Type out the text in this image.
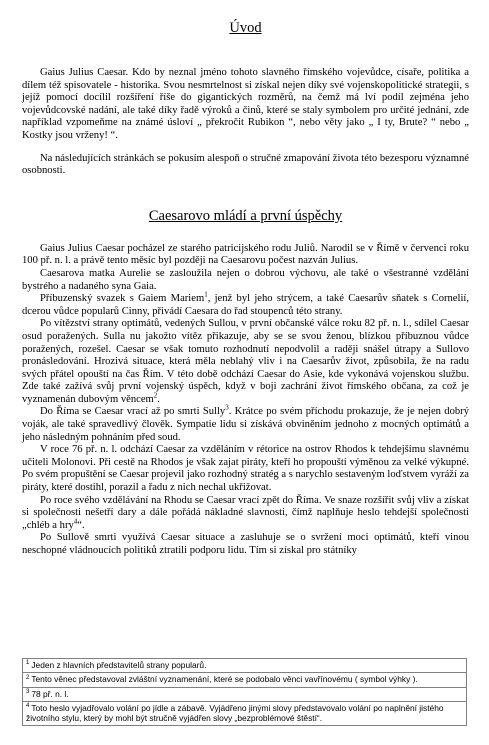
Úvod

Gaius Julius Caesar. Kdo by neznal jméno tohoto slavného římského vojevůdce, císaře, politika a dílem též spisovatele - historika. Svou nesmrtelnost si získal nejen díky své vojenskopolitické strategii, s jejíž pomocí docílil rozšíření říše do gigantických rozměrů, na čemž má lví podíl zejména jeho vojevůdcovské nadání, ale také díky řadě výroků a činů, které se staly symbolem pro určité jednání, zde například vzpomeňme na známé úsloví „ překročit Rubikon “, nebo věty jako „ I ty, Brute? “ nebo „ Kostky jsou vrženy! “.

Na následujících stránkách se pokusím alespoň o stručné zmapování života této bezesporu významné osobnosti.

Caesarovo mládí a první úspěchy

Gaius Julius Caesar pocházel ze starého patricijského rodu Juliů. Narodil se v Římě v červenci roku 100 př. n. l. a právě tento měsíc byl později na Caesarovu počest nazván Julius.

Caesarova matka Aurelie se zasloužila nejen o dobrou výchovu, ale také o všestranné vzdělání bystrého a nadaného syna Gaia.

Příbuzenský svazek s Gaiem Mariem$^1$, jenž byl jeho strýcem, a také Caesarův sňatek s Cornelií, dcerou vůdce popularů Cinny, přivádí Caesara do řad stoupenců této strany.

Po vítězství strany optimátů, vedených Sullou, v první občanské válce roku 82 př. n. l., sdílel Caesar osud poražených. Sulla nu jakožto vítěz přikazuje, aby se se svou ženou, blízkou příbuznou vůdce poražených, rozešel. Caesar se však tomuto rozhodnutí nepodvolil a raději snášel útrapy a Sullovo pronásledování. Hrozivá situace, která měla neblahý vliv i na Caesarův život, způsobila, že na radu svých přátel opouští na čas Řím. V této době odchází Caesar do Asie, kde vykonává vojenskou službu. Zde také zažívá svůj první vojenský úspěch, když v boji zachrání život římského občana, za což je vyznamenán dubovým věncem$^2$.

Do Říma se Caesar vrací až po smrti Sully$^3$. Krátce po svém příchodu prokazuje, že je nejen dobrý voják, ale také spravedlivý člověk. Sympatie lidu si získává obviněním jednoho z mocných optimátů a jeho následným pohnáním před soud.

V roce 76 př. n. l. odchází Caesar za vzděláním v rétorice na ostrov Rhodos k tehdejšímu slavnému učiteli Molonovi. Při cestě na Rhodos je však zajat piráty, kteří ho propouští výměnou za velké výkupné. Po svém propuštění se Caesar projevil jako rozhodný stratég a s narychlo sestaveným loďstvem vyráží za piráty, které dostihl, porazil a řadu z nich nechal ukřižovat.

Po roce svého vzdělávání na Rhodu se Caesar vrací zpět do Říma. Ve snaze rozšířit svůj vliv a získat si společnosti nešetří dary a dále pořádá nákladné slavnosti, čímž naplňuje heslo tehdejší společnosti „chléb a hry$^4$“.

Po Sullově smrti využívá Caesar situace a zasluhuje se o svržení moci optimátů, kteří vinou neschopné vládnoucích politiků ztratili podporu lidu. Tím si získal pro státníky

$^1$ Jeden z hlavních představitelů strany popularů.
$^2$ Tento věnec představoval zvláštní vyznamenání, které se podobalo věnci vavřínovému ( symbol výhky ).
$^3$ 78 př. n. l.
$^4$ Toto heslo vyjadřovalo volání po jídle a zábavě. Vyjádřeno jinými slovy představovalo volání po naplnění jistého životního stylu, který by mohl být stručně vyjádřen slovy „bezproblémové štěstí“.
